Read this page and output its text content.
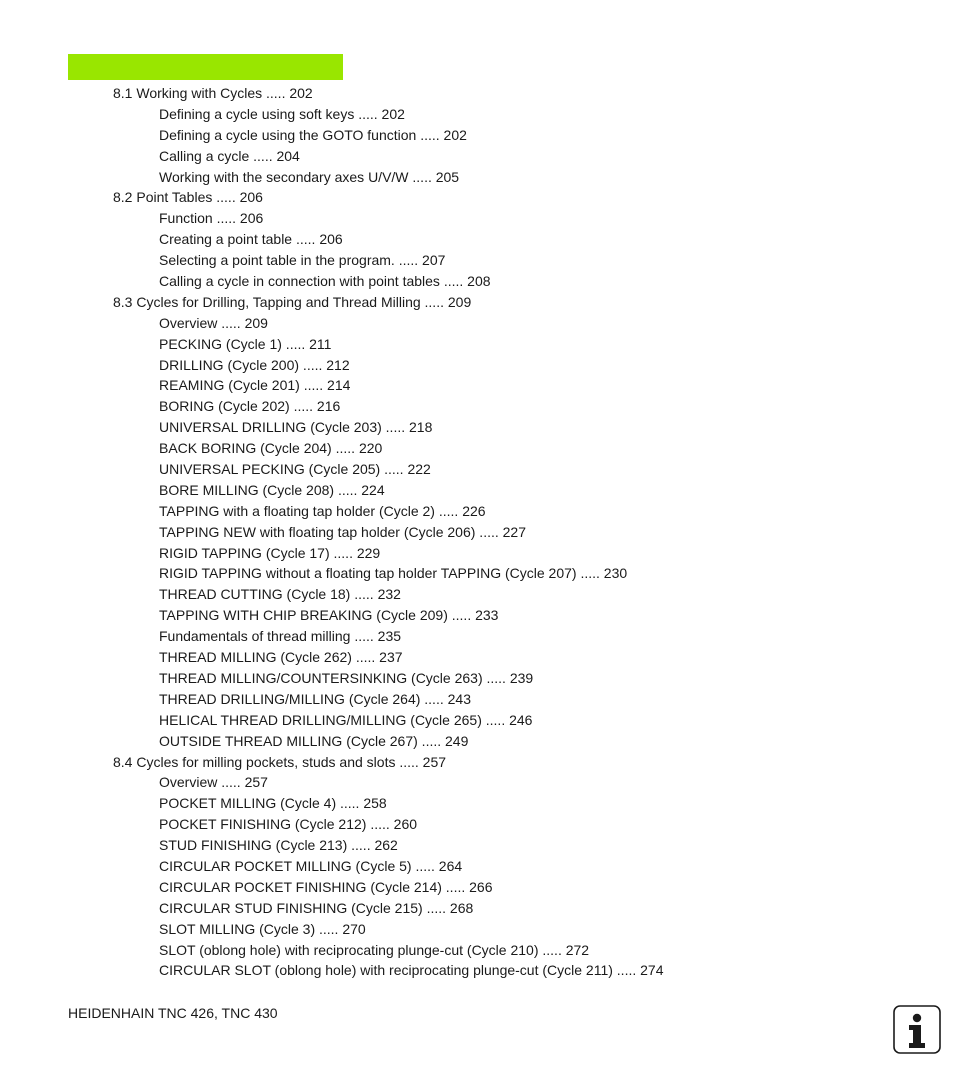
8.1 Working with Cycles ..... 202
Defining a cycle using soft keys ..... 202
Defining a cycle using the GOTO function ..... 202
Calling a cycle ..... 204
Working with the secondary axes U/V/W ..... 205
8.2 Point Tables ..... 206
Function ..... 206
Creating a point table ..... 206
Selecting a point table in the program. ..... 207
Calling a cycle in connection with point tables ..... 208
8.3 Cycles for Drilling, Tapping and Thread Milling ..... 209
Overview ..... 209
PECKING (Cycle 1) ..... 211
DRILLING (Cycle 200) ..... 212
REAMING (Cycle 201) ..... 214
BORING (Cycle 202) ..... 216
UNIVERSAL DRILLING (Cycle 203) ..... 218
BACK BORING (Cycle 204) ..... 220
UNIVERSAL PECKING (Cycle 205) ..... 222
BORE MILLING (Cycle 208) ..... 224
TAPPING with a floating tap holder (Cycle 2) ..... 226
TAPPING NEW with floating tap holder (Cycle 206) ..... 227
RIGID TAPPING (Cycle 17) ..... 229
RIGID TAPPING without a floating tap holder TAPPING (Cycle 207) ..... 230
THREAD CUTTING (Cycle 18) ..... 232
TAPPING WITH CHIP BREAKING (Cycle 209) ..... 233
Fundamentals of thread milling ..... 235
THREAD MILLING (Cycle 262) ..... 237
THREAD MILLING/COUNTERSINKING (Cycle 263) ..... 239
THREAD DRILLING/MILLING (Cycle 264) ..... 243
HELICAL THREAD DRILLING/MILLING (Cycle 265) ..... 246
OUTSIDE THREAD MILLING (Cycle 267) ..... 249
8.4 Cycles for milling pockets, studs and slots ..... 257
Overview ..... 257
POCKET MILLING (Cycle 4) ..... 258
POCKET FINISHING (Cycle 212) ..... 260
STUD FINISHING (Cycle 213) ..... 262
CIRCULAR POCKET MILLING (Cycle 5) ..... 264
CIRCULAR POCKET FINISHING (Cycle 214) ..... 266
CIRCULAR STUD FINISHING (Cycle 215) ..... 268
SLOT MILLING (Cycle 3) ..... 270
SLOT (oblong hole) with reciprocating plunge-cut (Cycle 210) ..... 272
CIRCULAR SLOT (oblong hole) with reciprocating plunge-cut (Cycle 211) ..... 274
HEIDENHAIN TNC 426, TNC 430
